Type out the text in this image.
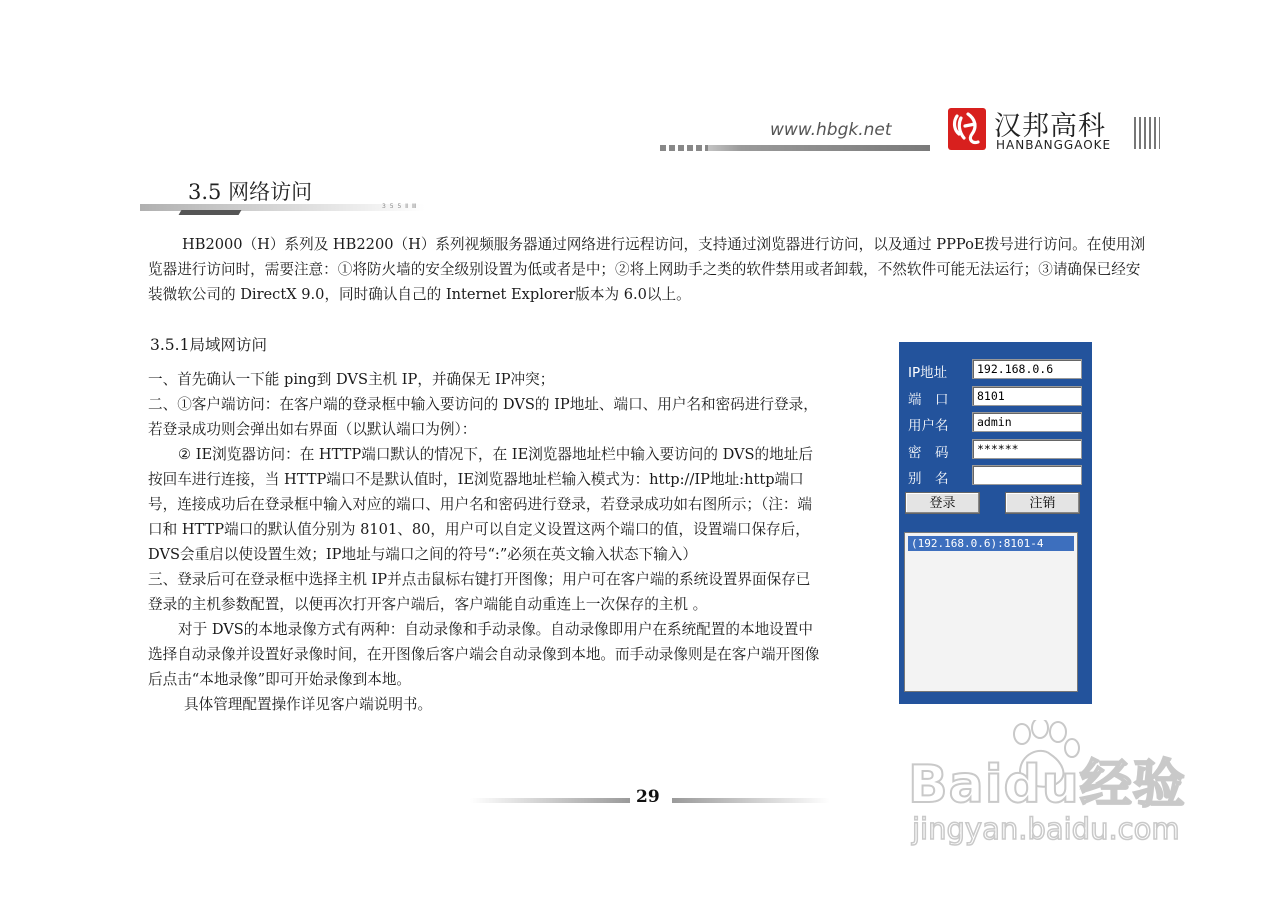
www.hbgk.net	汉邦高科
HANBANGGAOKE
3.5 网络访问
3 5 5 Ⅱ Ⅲ

HB2000（H）系列及 HB2200（H）系列视频服务器通过网络进行远程访问，支持通过浏览器进行访问，以及通过 PPPoE拨号进行访问。在使用浏览器进行访问时，需要注意：①将防火墙的安全级别设置为低或者是中；②将上网助手之类的软件禁用或者卸载，不然软件可能无法运行；③请确保已经安装微软公司的 DirectX 9.0，同时确认自己的 Internet Explorer版本为 6.0以上。

3.5.1局域网访问

一、首先确认一下能 ping到 DVS主机 IP，并确保无 IP冲突；

二、①客户端访问：在客户端的登录框中输入要访问的 DVS的 IP地址、端口、用户名和密码进行登录，若登录成功则会弹出如右界面（以默认端口为例）：

② IE浏览器访问：在 HTTP端口默认的情况下，在 IE浏览器地址栏中输入要访问的 DVS的地址后按回车进行连接，当 HTTP端口不是默认值时，IE浏览器地址栏输入模式为：http://IP地址:http端口号，连接成功后在登录框中输入对应的端口、用户名和密码进行登录，若登录成功如右图所示；（注：端口和 HTTP端口的默认值分别为 8101、80，用户可以自定义设置这两个端口的值，设置端口保存后，DVS会重启以使设置生效；IP地址与端口之间的符号“:”必须在英文输入状态下输入）

三、登录后可在登录框中选择主机 IP并点击鼠标右键打开图像；用户可在客户端的系统设置界面保存已登录的主机参数配置，以便再次打开客户端后，客户端能自动重连上一次保存的主机 。

对于 DVS的本地录像方式有两种：自动录像和手动录像。自动录像即用户在系统配置的本地设置中选择自动录像并设置好录像时间，在开图像后客户端会自动录像到本地。而手动录像则是在客户端开图像后点击“本地录像”即可开始录像到本地。

具体管理配置操作详见客户端说明书。

IP地址	192.168.0.6
端　口	8101
用户名	admin
密　码	******
别　名
登录	注销
(192.168.0.6):8101-4
29	Baidu经验
jingyan.baidu.com
